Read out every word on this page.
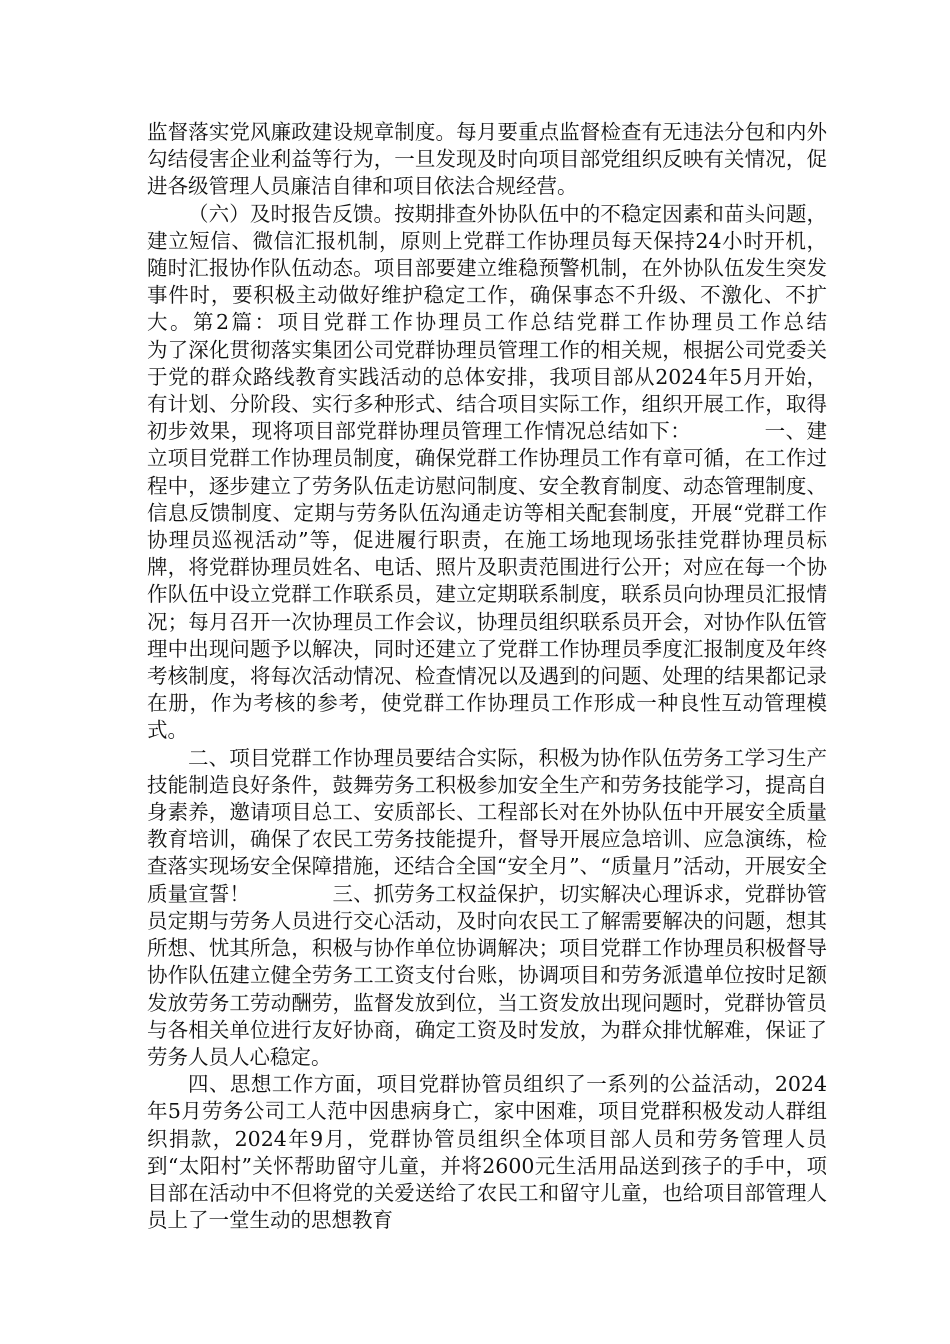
监督落实党风廉政建设规章制度。每月要重点监督检查有无违法分包和内外勾结侵害企业利益等行为，一旦发现及时向项目部党组织反映有关情况，促进各级管理人员廉洁自律和项目依法合规经营。

（六）及时报告反馈。按期排查外协队伍中的不稳定因素和苗头问题，建立短信、微信汇报机制，原则上党群工作协理员每天保持24小时开机，随时汇报协作队伍动态。项目部要建立维稳预警机制，在外协队伍发生突发事件时，要积极主动做好维护稳定工作，确保事态不升级、不激化、不扩大。第2篇：项目党群工作协理员工作总结党群工作协理员工作总结　　　为了深化贯彻落实集团公司党群协理员管理工作的相关规，根据公司党委关于党的群众路线教育实践活动的总体安排，我项目部从2024年5月开始，有计划、分阶段、实行多种形式、结合项目实际工作，组织开展工作，取得初步效果，现将项目部党群协理员管理工作情况总结如下：　　　　一、建立项目党群工作协理员制度，确保党群工作协理员工作有章可循，在工作过程中，逐步建立了劳务队伍走访慰问制度、安全教育制度、动态管理制度、信息反馈制度、定期与劳务队伍沟通走访等相关配套制度，开展“党群工作协理员巡视活动”等，促进履行职责，在施工场地现场张挂党群协理员标牌，将党群协理员姓名、电话、照片及职责范围进行公开；对应在每一个协作队伍中设立党群工作联系员，建立定期联系制度，联系员向协理员汇报情况；每月召开一次协理员工作会议，协理员组织联系员开会，对协作队伍管理中出现问题予以解决，同时还建立了党群工作协理员季度汇报制度及年终考核制度，将每次活动情况、检查情况以及遇到的问题、处理的结果都记录在册，作为考核的参考，使党群工作协理员工作形成一种良性互动管理模式。

二、项目党群工作协理员要结合实际，积极为协作队伍劳务工学习生产技能制造良好条件，鼓舞劳务工积极参加安全生产和劳务技能学习，提高自身素养，邀请项目总工、安质部长、工程部长对在外协队伍中开展安全质量教育培训，确保了农民工劳务技能提升，督导开展应急培训、应急演练，检查落实现场安全保障措施，还结合全国“安全月”、“质量月”活动，开展安全质量宣誓！　　　　三、抓劳务工权益保护，切实解决心理诉求，党群协管员定期与劳务人员进行交心活动，及时向农民工了解需要解决的问题，想其所想、忧其所急，积极与协作单位协调解决；项目党群工作协理员积极督导协作队伍建立健全劳务工工资支付台账，协调项目和劳务派遣单位按时足额发放劳务工劳动酬劳，监督发放到位，当工资发放出现问题时，党群协管员与各相关单位进行友好协商，确定工资及时发放，为群众排忧解难，保证了劳务人员人心稳定。

四、思想工作方面，项目党群协管员组织了一系列的公益活动，2024年5月劳务公司工人范中因患病身亡，家中困难，项目党群积极发动人群组织捐款，2024年9月，党群协管员组织全体项目部人员和劳务管理人员到“太阳村”关怀帮助留守儿童，并将2600元生活用品送到孩子的手中，项目部在活动中不但将党的关爱送给了农民工和留守儿童，也给项目部管理人员上了一堂生动的思想教育
